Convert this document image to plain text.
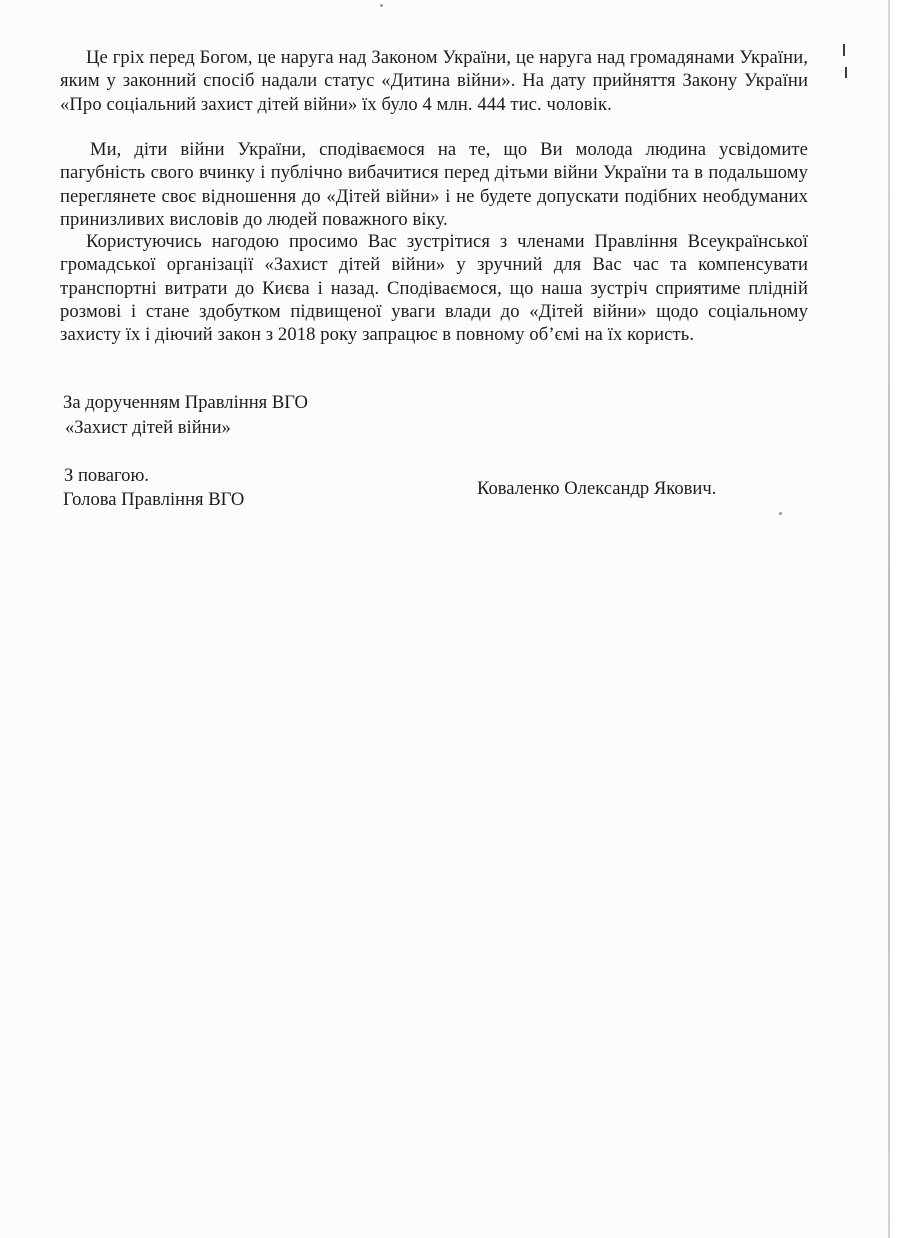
Це гріх перед Богом, це наруга над Законом України, це наруга над громадянами України, яким у законний спосіб надали статус «Дитина війни». На дату прийняття Закону України «Про соціальний захист дітей війни» їх було 4 млн. 444 тис. чоловік.

Ми, діти війни України, сподіваємося на те, що Ви молода людина усвідомите пагубність свого вчинку і публічно вибачитися перед дітьми війни України та в подальшому переглянете своє відношення до «Дітей війни» і не будете допускати подібних необдуманих принизливих висловів до людей поважного віку.

Користуючись нагодою просимо Вас зустрітися з членами Правління Всеукраїнської громадської організації «Захист дітей війни» у зручний для Вас час та компенсувати транспортні витрати до Києва і назад. Сподіваємося, що наша зустріч сприятиме плідній розмові і стане здобутком підвищеної уваги влади до «Дітей війни» щодо соціальному захисту їх і діючий закон з 2018 року запрацює в повному об’ємі на їх користь.

За дорученням Правління ВГО
«Захист дітей війни»
З повагою.
Голова Правління ВГО
Коваленко Олександр Якович.
